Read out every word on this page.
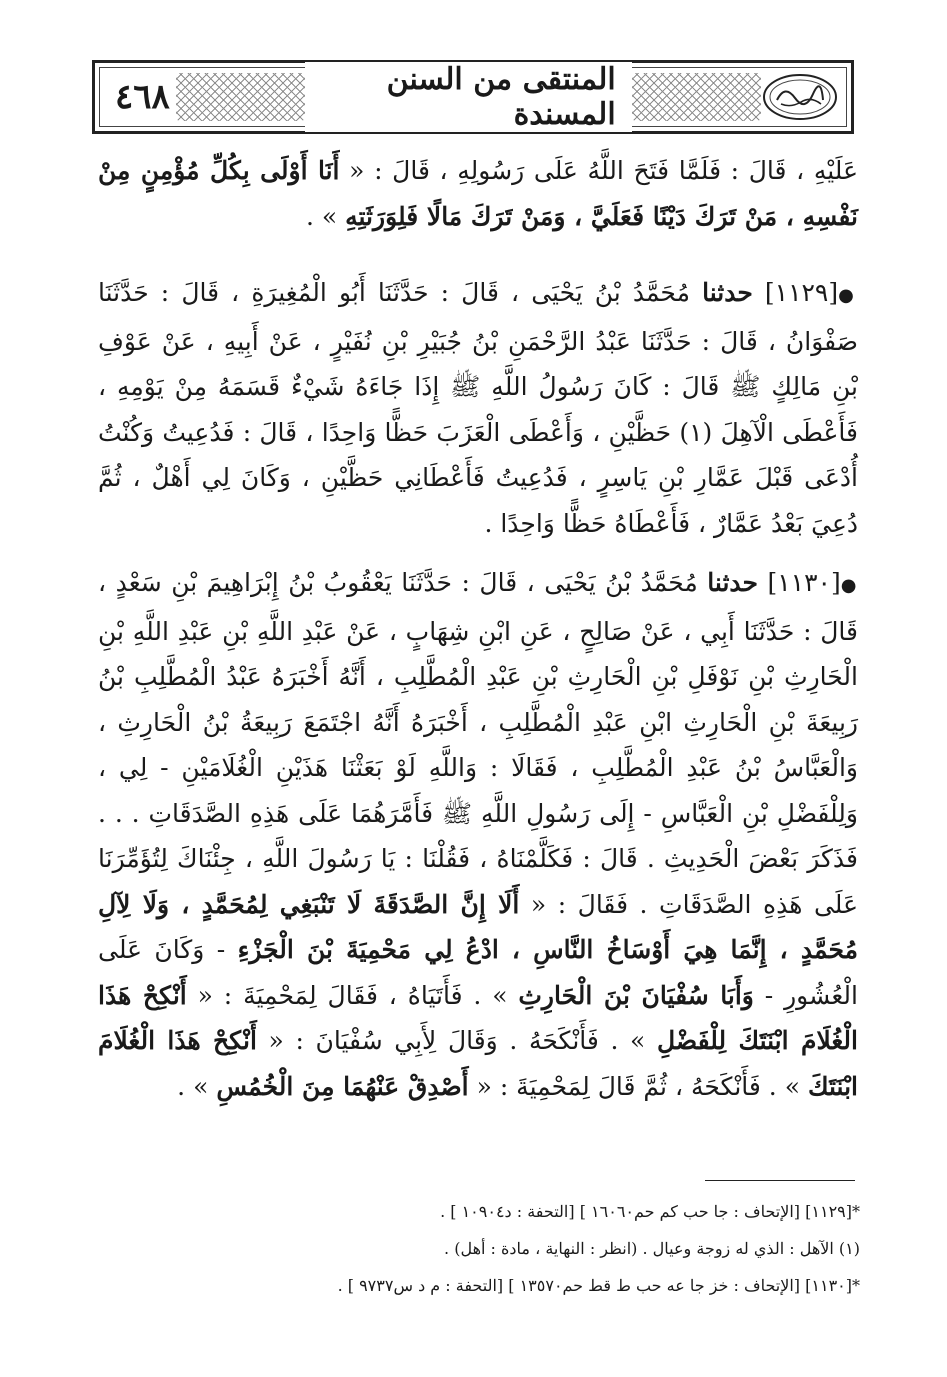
٤٦٨	المنتقى من السنن المسندة
عَلَيْهِ ، قَالَ : فَلَمَّا فَتَحَ اللَّهُ عَلَى رَسُولِهِ ، قَالَ : « أَنَا أَوْلَى بِكُلِّ مُؤْمِنٍ مِنْ نَفْسِهِ ، مَنْ تَرَكَ دَيْنًا فَعَلَيَّ ، وَمَنْ تَرَكَ مَالًا فَلِوَرَثَتِهِ » .
●[١١٢٩] حدثنا مُحَمَّدُ بْنُ يَحْيَى ، قَالَ : حَدَّثَنَا أَبُو الْمُغِيرَةِ ، قَالَ : حَدَّثَنَا صَفْوَانُ ، قَالَ : حَدَّثَنَا عَبْدُ الرَّحْمَنِ بْنُ جُبَيْرِ بْنِ نُفَيْرٍ ، عَنْ أَبِيهِ ، عَنْ عَوْفِ بْنِ مَالِكٍ ﷺ قَالَ : كَانَ رَسُولُ اللَّهِ ﷺ إِذَا جَاءَهُ شَيْءٌ قَسَمَهُ مِنْ يَوْمِهِ ، فَأَعْطَى الْآهِلَ (١) حَظَّيْنِ ، وَأَعْطَى الْعَزَبَ حَظًّا وَاحِدًا ، قَالَ : فَدُعِيتُ وَكُنْتُ أُدْعَى قَبْلَ عَمَّارِ بْنِ يَاسِرٍ ، فَدُعِيتُ فَأَعْطَانِي حَظَّيْنِ ، وَكَانَ لِي أَهْلٌ ، ثُمَّ دُعِيَ بَعْدُ عَمَّارٌ ، فَأَعْطَاهُ حَظًّا وَاحِدًا .
●[١١٣٠] حدثنا مُحَمَّدُ بْنُ يَحْيَى ، قَالَ : حَدَّثَنَا يَعْقُوبُ بْنُ إِبْرَاهِيمَ بْنِ سَعْدٍ ، قَالَ : حَدَّثَنَا أَبِي ، عَنْ صَالِحٍ ، عَنِ ابْنِ شِهَابٍ ، عَنْ عَبْدِ اللَّهِ بْنِ عَبْدِ اللَّهِ بْنِ الْحَارِثِ بْنِ نَوْفَلِ بْنِ الْحَارِثِ بْنِ عَبْدِ الْمُطَّلِبِ ، أَنَّهُ أَخْبَرَهُ عَبْدُ الْمُطَّلِبِ بْنُ رَبِيعَةَ بْنِ الْحَارِثِ ابْنِ عَبْدِ الْمُطَّلِبِ ، أَخْبَرَهُ أَنَّهُ اجْتَمَعَ رَبِيعَةُ بْنُ الْحَارِثِ ، وَالْعَبَّاسُ بْنُ عَبْدِ الْمُطَّلِبِ ، فَقَالَا : وَاللَّهِ لَوْ بَعَثْنَا هَذَيْنِ الْغُلَامَيْنِ - لِي ، وَلِلْفَضْلِ بْنِ الْعَبَّاسِ - إِلَى رَسُولِ اللَّهِ ﷺ فَأَمَّرَهُمَا عَلَى هَذِهِ الصَّدَقَاتِ . . . فَذَكَرَ بَعْضَ الْحَدِيثِ . قَالَ : فَكَلَّمْنَاهُ ، فَقُلْنَا : يَا رَسُولَ اللَّهِ ، جِئْنَاكَ لِتُؤَمِّرَنَا عَلَى هَذِهِ الصَّدَقَاتِ . فَقَالَ : « أَلَا إِنَّ الصَّدَقَةَ لَا تَنْبَغِي لِمُحَمَّدٍ ، وَلَا لِآلِ مُحَمَّدٍ ، إِنَّمَا هِيَ أَوْسَاخُ النَّاسِ ، ادْعُ لِي مَحْمِيَةَ بْنَ الْجَزْءِ - وَكَانَ عَلَى الْعُشُورِ - وَأَبَا سُفْيَانَ بْنَ الْحَارِثِ » . فَأَتَيَاهُ ، فَقَالَ لِمَحْمِيَةَ : « أَنْكِحْ هَذَا الْغُلَامَ ابْنَتَكَ لِلْفَضْلِ » . فَأَنْكَحَهُ . وَقَالَ لِأَبِي سُفْيَانَ : « أَنْكِحْ هَذَا الْغُلَامَ ابْنَتَكَ » . فَأَنْكَحَهُ ، ثُمَّ قَالَ لِمَحْمِيَةَ : « أَصْدِقْ عَنْهُمَا مِنَ الْخُمُسِ » .
*[١١٢٩] [الإتحاف : جا حب كم حم١٦٠٦٠ ] [التحفة : د١٠٩٠٤ ] .
(١) الآهل : الذي له زوجة وعيال . (انظر : النهاية ، مادة : أهل) .
*[١١٣٠] [الإتحاف : خز جا عه حب ط قط حم١٣٥٧٠ ] [التحفة : م د س٩٧٣٧ ] .
